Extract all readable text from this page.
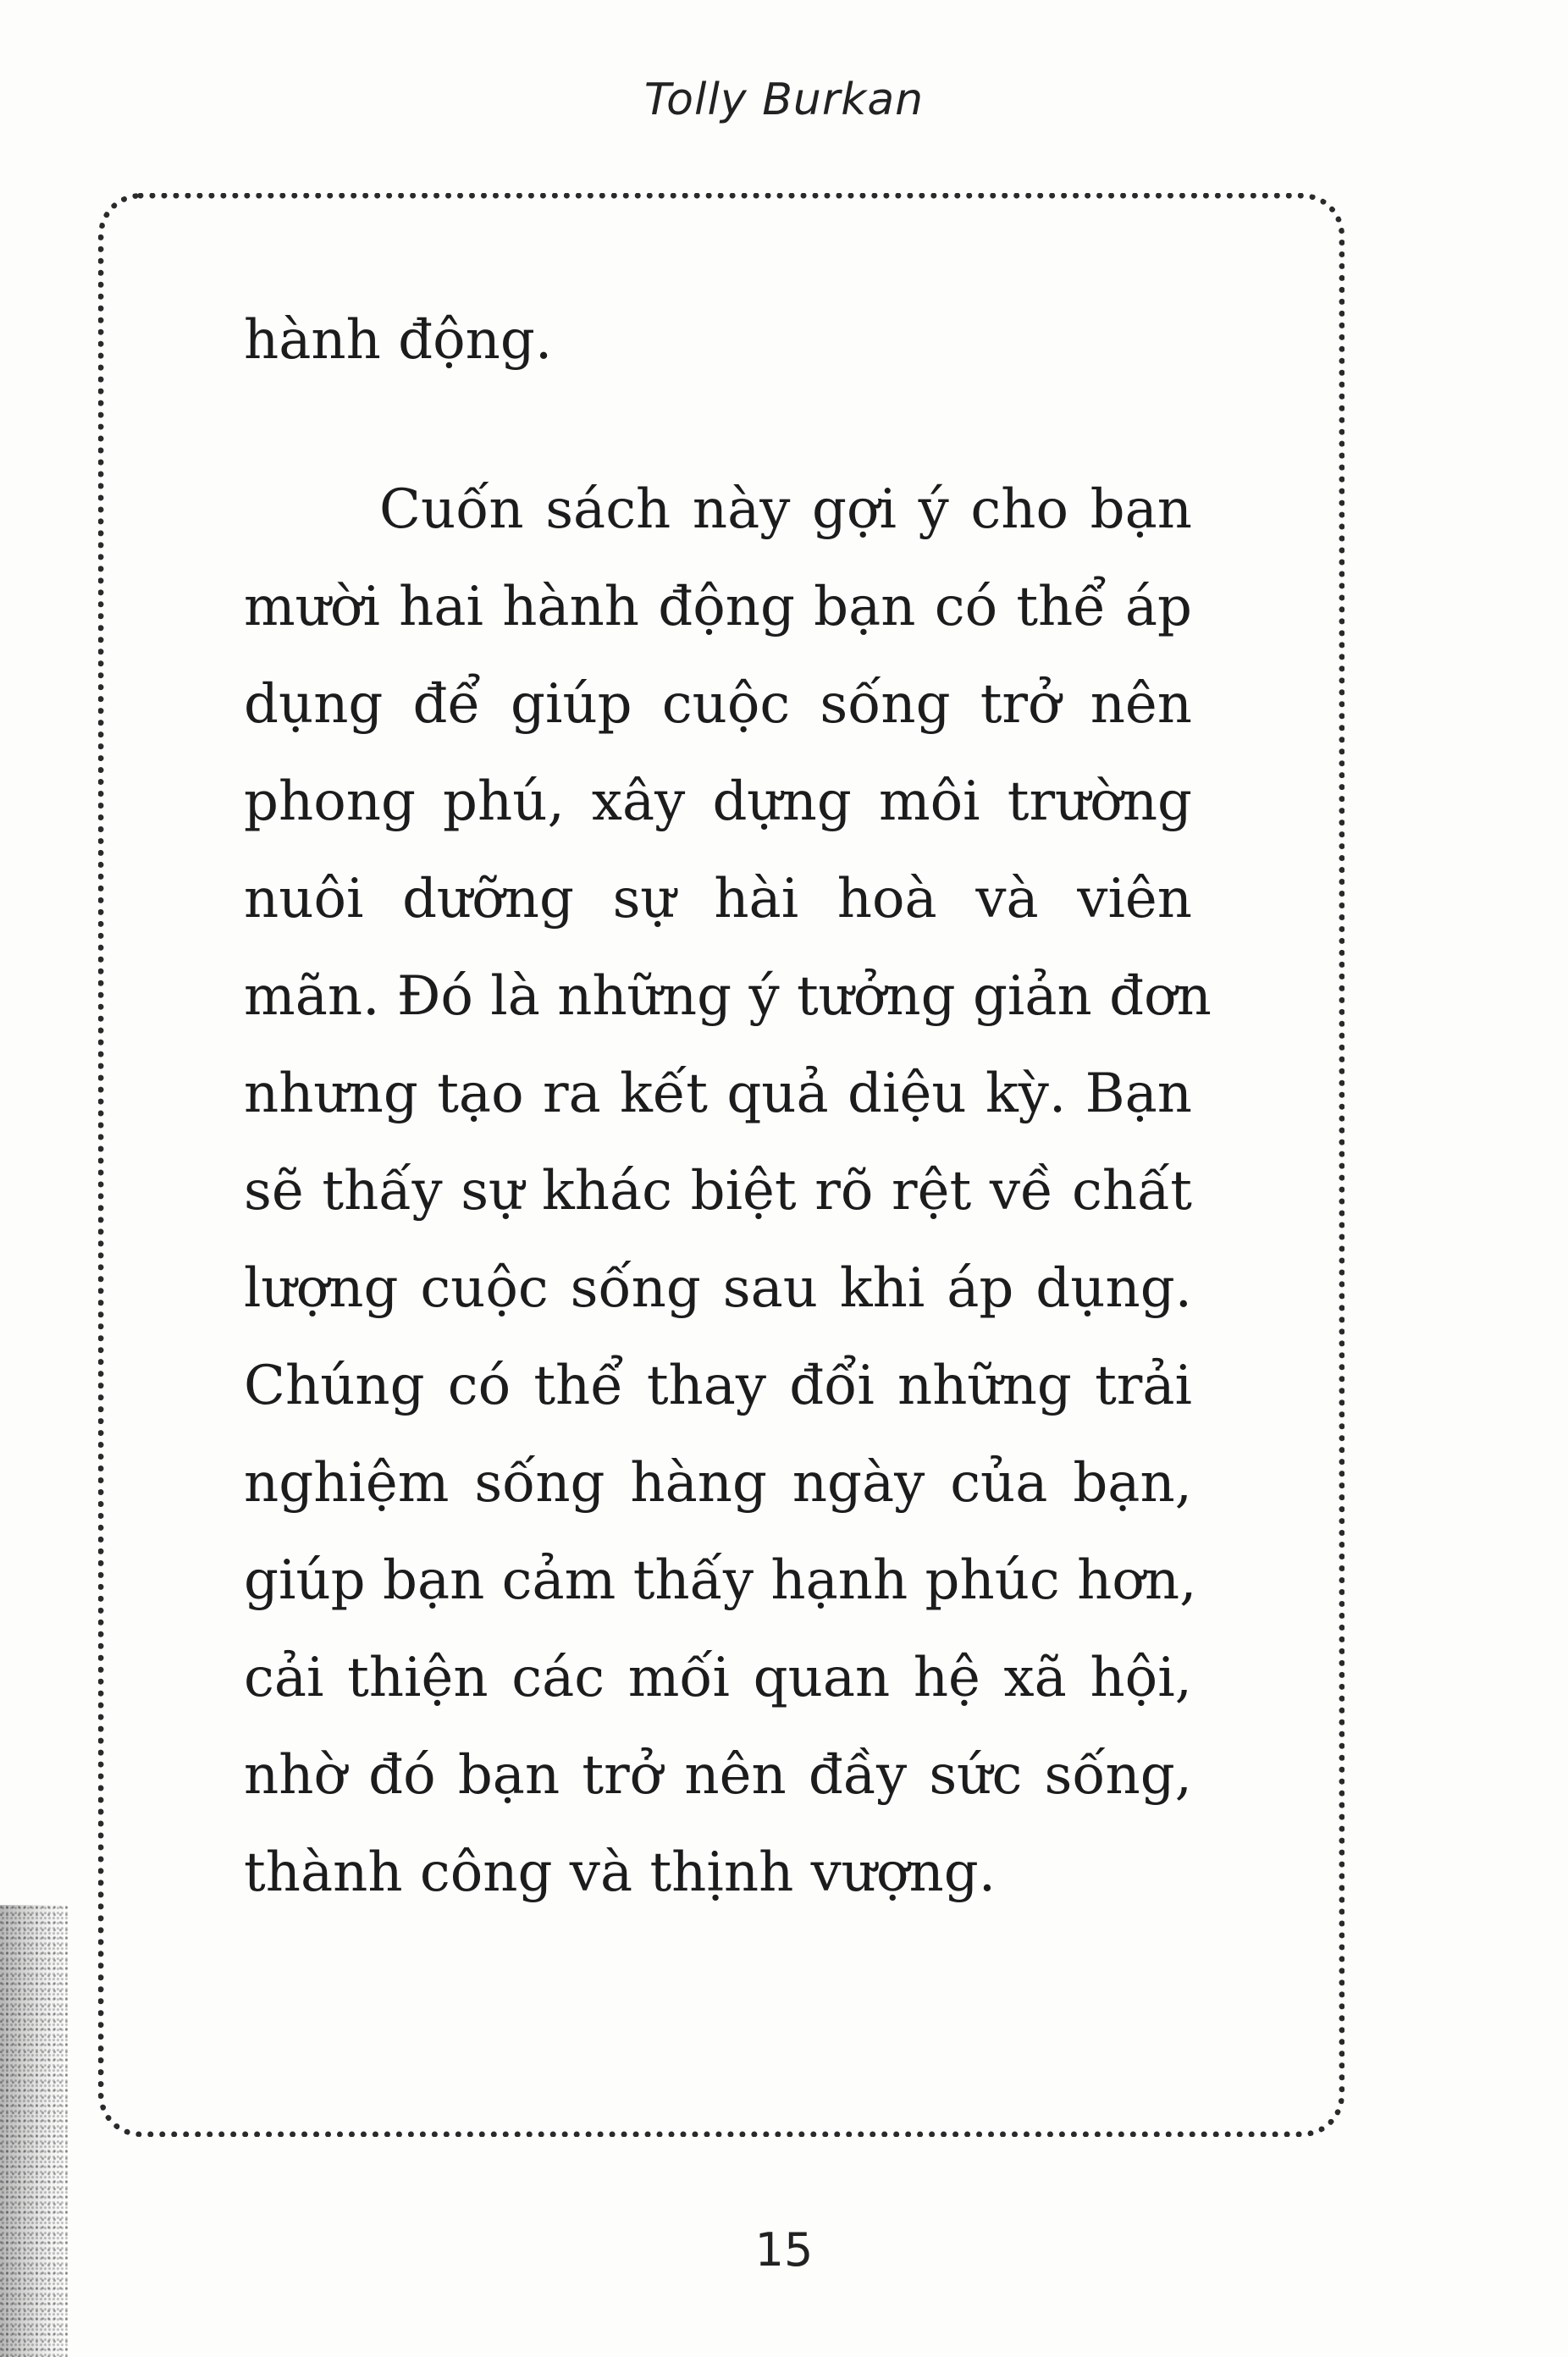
Tolly Burkan
hành động.
Cuốn sách này gợi ý cho bạn
mười hai hành động bạn có thể áp
dụng để giúp cuộc sống trở nên
phong phú, xây dựng môi trường
nuôi dưỡng sự hài hoà và viên
mãn. Đó là những ý tưởng giản đơn
nhưng tạo ra kết quả diệu kỳ. Bạn
sẽ thấy sự khác biệt rõ rệt về chất
lượng cuộc sống sau khi áp dụng.
Chúng có thể thay đổi những trải
nghiệm sống hàng ngày của bạn,
giúp bạn cảm thấy hạnh phúc hơn,
cải thiện các mối quan hệ xã hội,
nhờ đó bạn trở nên đầy sức sống,
thành công và thịnh vượng.
15
